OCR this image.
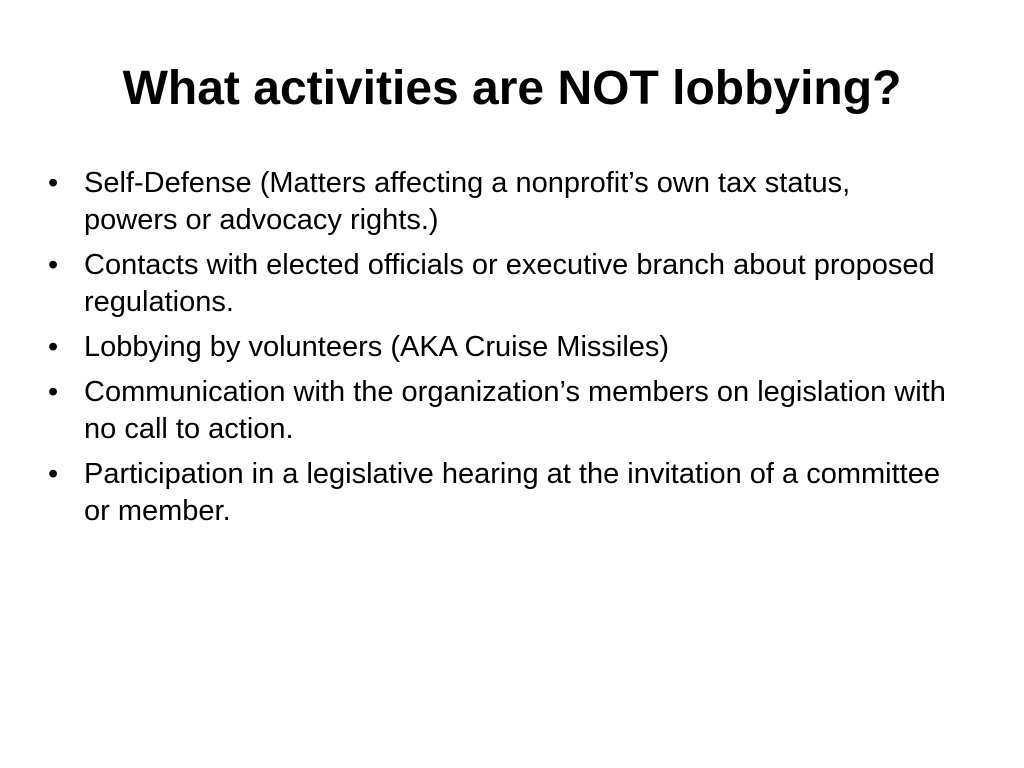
What activities are NOT lobbying?
• Self-Defense (Matters affecting a nonprofit’s own tax status, powers or advocacy rights.)
• Contacts with elected officials or executive branch about proposed regulations.
• Lobbying by volunteers (AKA Cruise Missiles)
• Communication with the organization’s members on legislation with no call to action.
• Participation in a legislative hearing at the invitation of a committee or member.
